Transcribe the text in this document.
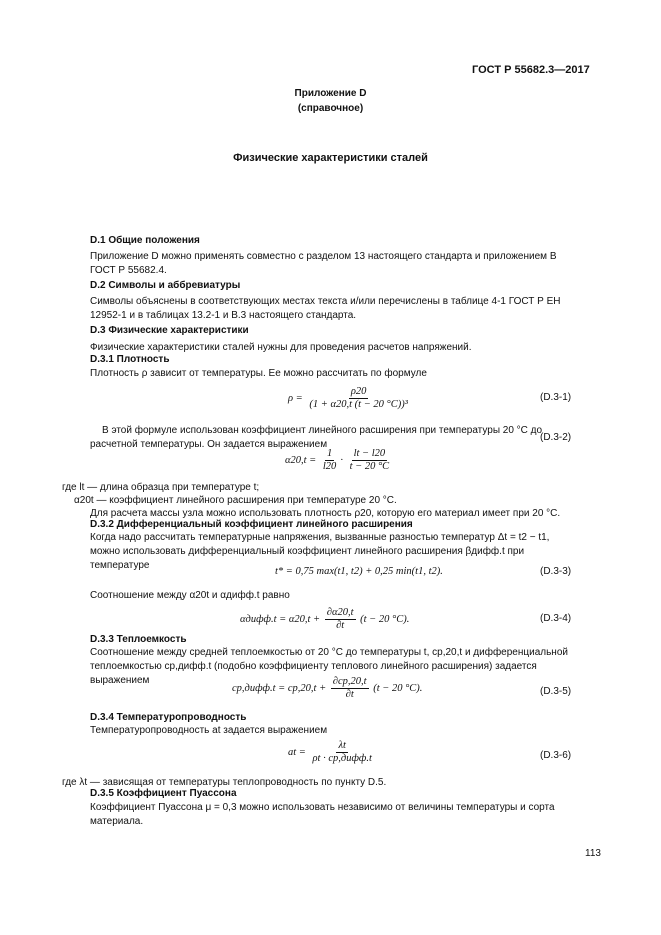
ГОСТ Р 55682.3—2017
Приложение D
(справочное)
Физические характеристики сталей
D.1 Общие положения
Приложение D можно применять совместно с разделом 13 настоящего стандарта и приложением В ГОСТ Р 55682.4.
D.2 Символы и аббревиатуры
Символы объяснены в соответствующих местах текста и/или перечислены в таблице 4-1 ГОСТ Р ЕН 12952-1 и в таблицах 13.2-1 и В.3 настоящего стандарта.
D.3 Физические характеристики
Физические характеристики сталей нужны для проведения расчетов напряжений.
D.3.1 Плотность
Плотность ρ зависит от температуры. Ее можно рассчитать по формуле
$\rho = \frac{\rho 20}{\text{(1 + α20,t (t − 20 °C))³}}$	(D.3-1)
В этой формуле использован коэффициент линейного расширения при температуры 20 °С до расчетной температуры. Он задается выражением
$\alpha 20,t = \frac{1}{l20} \cdot \frac{lt - l20}{t - 20 ^\circ C}$
(D.3-2)
где lt — длина образца при температуре t;
α20t — коэффициент линейного расширения при температуре 20 °С.
Для расчета массы узла можно использовать плотность ρ20, которую его материал имеет при 20 °С.
D.3.2 Дифференциальный коэффициент линейного расширения
Когда надо рассчитать температурные напряжения, вызванные разностью температур Δt = t2 − t1, можно использовать дифференциальный коэффициент линейного расширения βдифф.t при температуре
t* = 0,75 max(t1, t2) + 0,25 min(t1, t2).	(D.3-3)
Соотношение между α20t и αдифф.t равно
αдифф.t = $\alpha 20,t + \frac{\partial\alpha 20,t}{\partial t} (t - 20$ °C).	(D.3-4)
D.3.3 Теплоемкость
Соотношение между средней теплоемкостью от 20 °С до температуры t, cp,20,t и дифференциальной теплоемкостью cp,дифф.t (подобно коэффициенту теплового линейного расширения) задается выражением
cp,дифф.t = $cp,20,t + \frac{\partial cp,20,t}{\partial t} (t - 20$ °C).	(D.3-5)
D.3.4 Температуропроводность
Температуропроводность at задается выражением
at = $\frac{\lambda t}{\text{ρt · cp,дифф.t}}$	(D.3-6)
где λt — зависящая от температуры теплопроводность по пункту D.5.
D.3.5 Коэффициент Пуассона
Коэффициент Пуассона μ = 0,3 можно использовать независимо от величины температуры и сорта материала.
113
